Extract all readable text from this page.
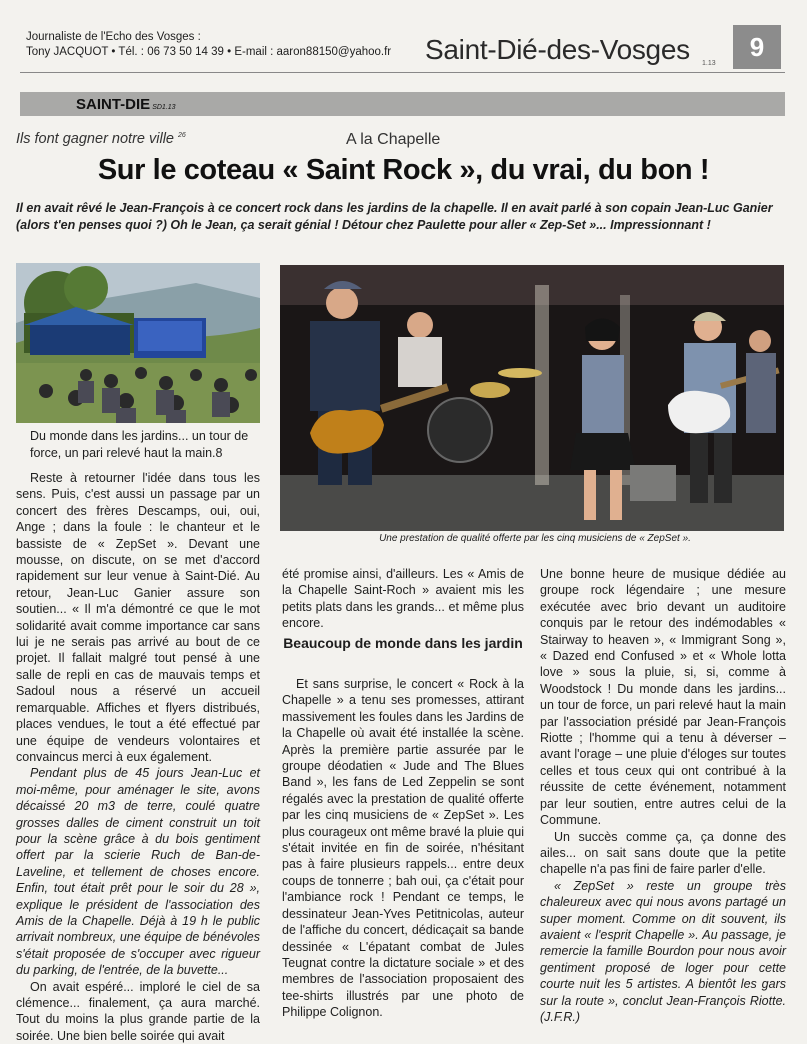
Journaliste de l'Echo des Vosges :
Tony JACQUOT • Tél. : 06 73 50 14 39 • E-mail : aaron88150@yahoo.fr Saint-Dié-des-Vosges 1.13
9
SAINT-DIE SD1.13
Ils font gagner notre ville $^{26}$	A la Chapelle
Sur le coteau « Saint Rock », du vrai, du bon !
Il en avait rêvé le Jean-François à ce concert rock dans les jardins de la chapelle. Il en avait parlé à son copain Jean-Luc Ganier (alors t'en penses quoi ?) Oh le Jean, ça serait génial ! Détour chez Paulette pour aller « Zep-Set »... Impressionnant !
Du monde dans les jardins... un tour de force, un pari relevé haut la main.8
Une prestation de qualité offerte par les cinq musiciens de « ZepSet ».

Reste à retourner l'idée dans tous les sens. Puis, c'est aussi un passage par un concert des frères Descamps, oui, oui, Ange ; dans la foule : le chanteur et le bassiste de « ZepSet ». Devant une mousse, on discute, on se met d'accord rapidement sur leur venue à Saint-Dié. Au retour, Jean-Luc Ganier assure son soutien... « Il m'a démontré ce que le mot solidarité avait comme importance car sans lui je ne serais pas arrivé au bout de ce projet. Il fallait malgré tout pensé à une salle de repli en cas de mauvais temps et Sadoul nous a réservé un accueil remarquable. Affiches et flyers distribués, places vendues, le tout a été effectué par une équipe de vendeurs volontaires et convaincus merci à eux également.

Pendant plus de 45 jours Jean-Luc et moi-même, pour aménager le site, avons décaissé 20 m3 de terre, coulé quatre grosses dalles de ciment construit un toit pour la scène grâce à du bois gentiment offert par la scierie Ruch de Ban-de-Laveline, et tellement de choses encore. Enfin, tout était prêt pour le soir du 28 », explique le président de l'association des Amis de la Chapelle. Déjà à 19 h le public arrivait nombreux, une équipe de bénévoles s'était proposée de s'occuper avec rigueur du parking, de l'entrée, de la buvette...

On avait espéré... imploré le ciel de sa clémence... finalement, ça aura marché. Tout du moins la plus grande partie de la soirée. Une bien belle soirée qui avait

été promise ainsi, d'ailleurs. Les « Amis de la Chapelle Saint-Roch » avaient mis les petits plats dans les grands... et même plus encore.

Beaucoup de monde dans les jardin

Et sans surprise, le concert « Rock à la Chapelle » a tenu ses promesses, attirant massivement les foules dans les Jardins de la Chapelle où avait été installée la scène. Après la première partie assurée par le groupe déodatien « Jude and The Blues Band », les fans de Led Zeppelin se sont régalés avec la prestation de qualité offerte par les cinq musiciens de « ZepSet ». Les plus courageux ont même bravé la pluie qui s'était invitée en fin de soirée, n'hésitant pas à faire plusieurs rappels... entre deux coups de tonnerre ; bah oui, ça c'était pour l'ambiance rock ! Pendant ce temps, le dessinateur Jean-Yves Petitnicolas, auteur de l'affiche du concert, dédicaçait sa bande dessinée « L'épatant combat de Jules Teugnat contre la dictature sociale » et des membres de l'association proposaient des tee-shirts illustrés par une photo de Philippe Colignon.

Une bonne heure de musique dédiée au groupe rock légendaire ; une mesure exécutée avec brio devant un auditoire conquis par le retour des indémodables « Stairway to heaven », « Immigrant Song », « Dazed end Confused » et « Whole lotta love » sous la pluie, si, si, comme à Woodstock ! Du monde dans les jardins... un tour de force, un pari relevé haut la main par l'association présidé par Jean-François Riotte ; l'homme qui a tenu à déverser – avant l'orage – une pluie d'éloges sur toutes celles et tous ceux qui ont contribué à la réussite de cette événement, notamment par leur soutien, entre autres celui de la Commune.

Un succès comme ça, ça donne des ailes... on sait sans doute que la petite chapelle n'a pas fini de faire parler d'elle.

« ZepSet » reste un groupe très chaleureux avec qui nous avons partagé un super moment. Comme on dit souvent, ils avaient « l'esprit Chapelle ». Au passage, je remercie la famille Bourdon pour nous avoir gentiment proposé de loger pour cette courte nuit les 5 artistes. A bientôt les gars sur la route », conclut Jean-François Riotte. (J.F.R.)
